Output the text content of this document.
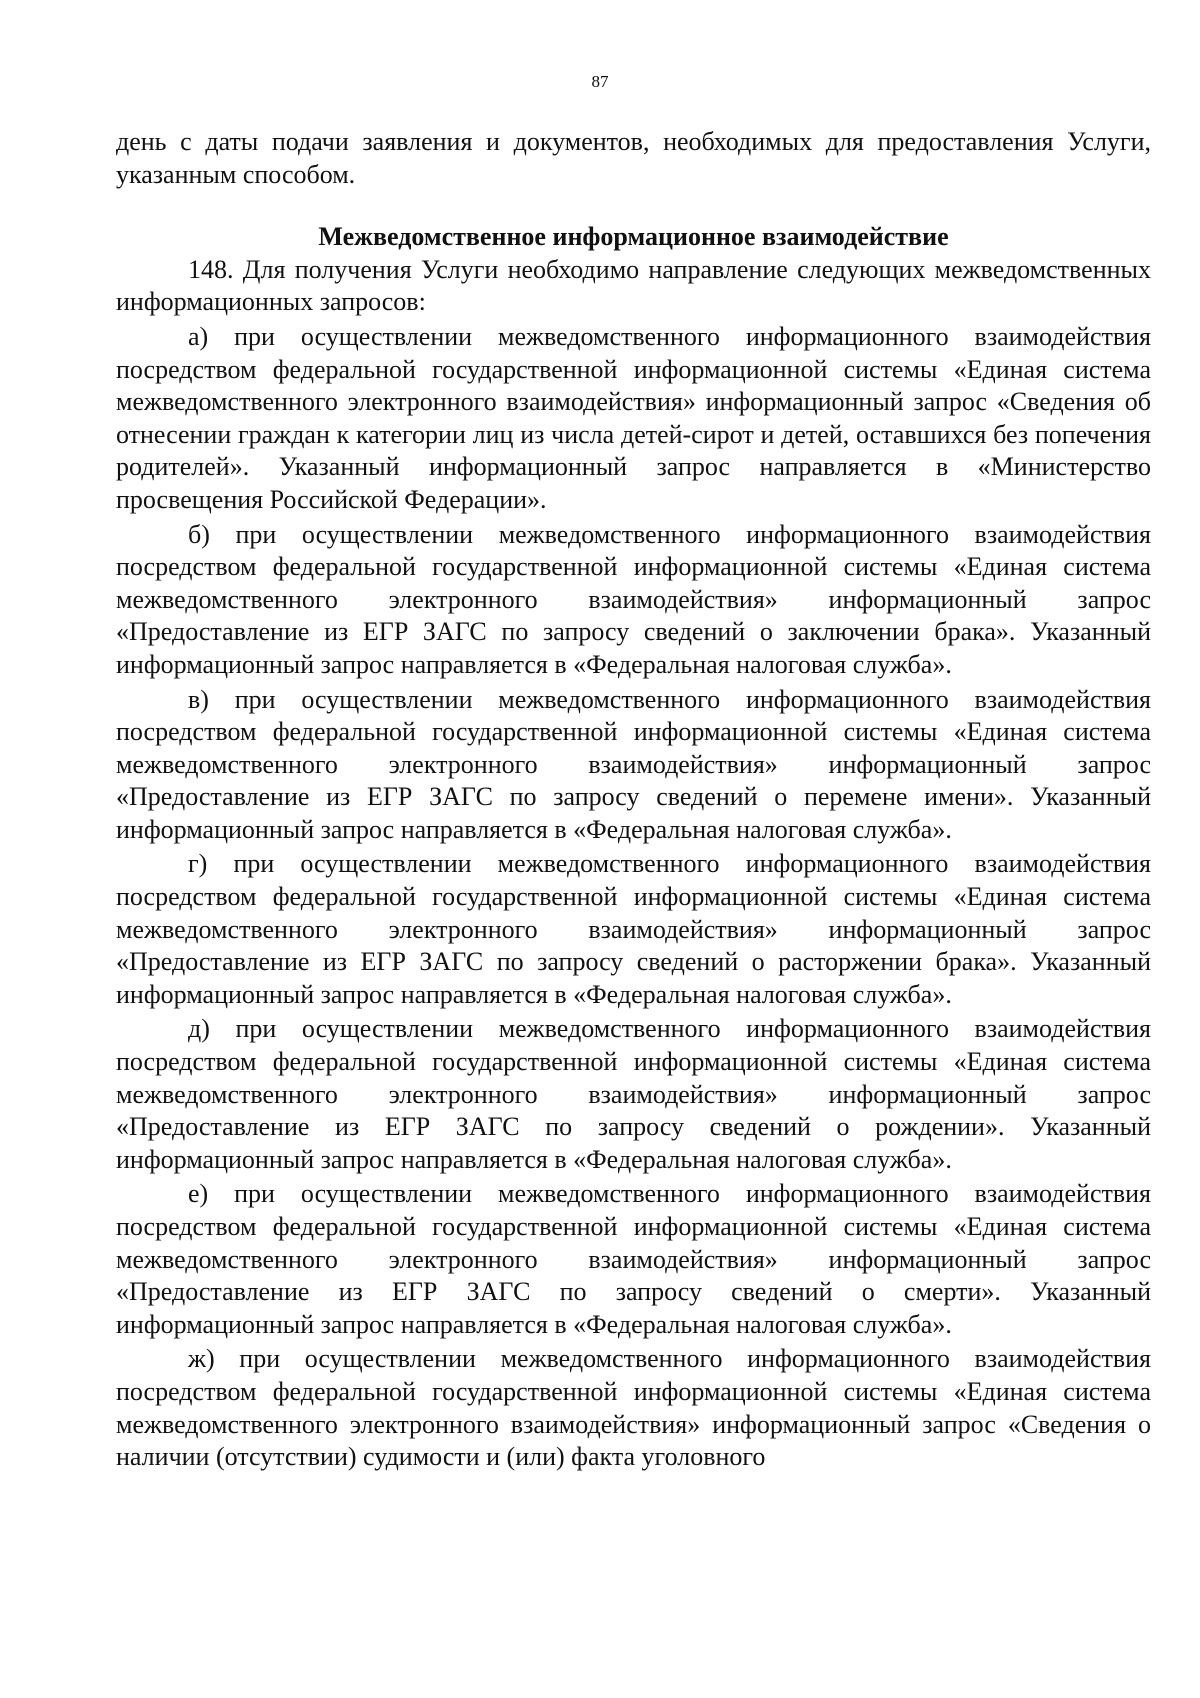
87

день с даты подачи заявления и документов, необходимых для предоставления Услуги, указанным способом.

Межведомственное информационное взаимодействие

148. Для получения Услуги необходимо направление следующих межведомственных информационных запросов:

а) при осуществлении межведомственного информационного взаимодействия посредством федеральной государственной информационной системы «Единая система межведомственного электронного взаимодействия» информационный запрос «Сведения об отнесении граждан к категории лиц из числа детей-сирот и детей, оставшихся без попечения родителей». Указанный информационный запрос направляется в «Министерство просвещения Российской Федерации».

б) при осуществлении межведомственного информационного взаимодействия посредством федеральной государственной информационной системы «Единая система межведомственного электронного взаимодействия» информационный запрос «Предоставление из ЕГР ЗАГС по запросу сведений о заключении брака». Указанный информационный запрос направляется в «Федеральная налоговая служба».

в) при осуществлении межведомственного информационного взаимодействия посредством федеральной государственной информационной системы «Единая система межведомственного электронного взаимодействия» информационный запрос «Предоставление из ЕГР ЗАГС по запросу сведений о перемене имени». Указанный информационный запрос направляется в «Федеральная налоговая служба».

г) при осуществлении межведомственного информационного взаимодействия посредством федеральной государственной информационной системы «Единая система межведомственного электронного взаимодействия» информационный запрос «Предоставление из ЕГР ЗАГС по запросу сведений о расторжении брака». Указанный информационный запрос направляется в «Федеральная налоговая служба».

д) при осуществлении межведомственного информационного взаимодействия посредством федеральной государственной информационной системы «Единая система межведомственного электронного взаимодействия» информационный запрос «Предоставление из ЕГР ЗАГС по запросу сведений о рождении». Указанный информационный запрос направляется в «Федеральная налоговая служба».

е) при осуществлении межведомственного информационного взаимодействия посредством федеральной государственной информационной системы «Единая система межведомственного электронного взаимодействия» информационный запрос «Предоставление из ЕГР ЗАГС по запросу сведений о смерти». Указанный информационный запрос направляется в «Федеральная налоговая служба».

ж) при осуществлении межведомственного информационного взаимодействия посредством федеральной государственной информационной системы «Единая система межведомственного электронного взаимодействия» информационный запрос «Сведения о наличии (отсутствии) судимости и (или) факта уголовного
